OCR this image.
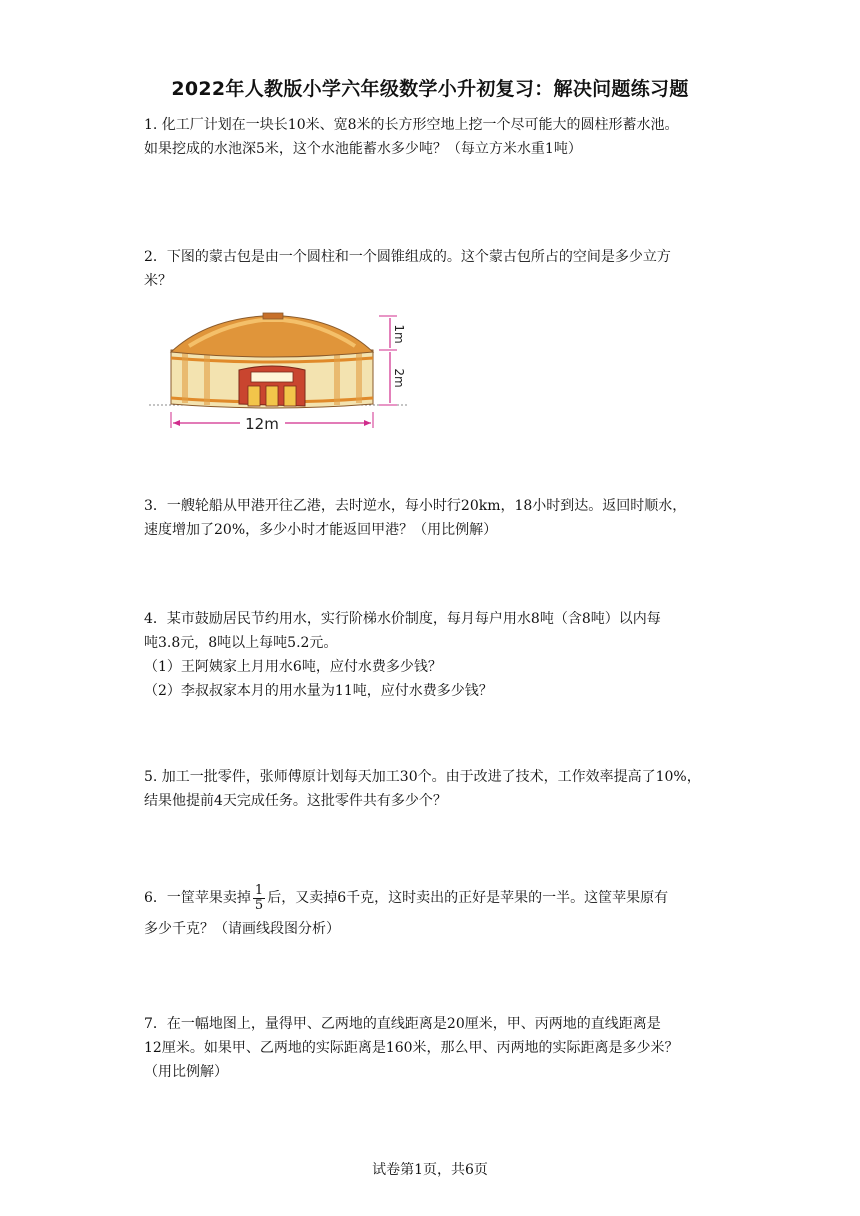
2022年人教版小学六年级数学小升初复习：解决问题练习题

1. 化工厂计划在一块长10米、宽8米的长方形空地上挖一个尽可能大的圆柱形蓄水池。

如果挖成的水池深5米，这个水池能蓄水多少吨？（每立方米水重1吨）

2．下图的蒙古包是由一个圆柱和一个圆锥组成的。这个蒙古包所占的空间是多少立方

米？

12m
1m
2m

3．一艘轮船从甲港开往乙港，去时逆水，每小时行20km，18小时到达。返回时顺水，

速度增加了20%，多少小时才能返回甲港？（用比例解）

4．某市鼓励居民节约用水，实行阶梯水价制度，每月每户用水8吨（含8吨）以内每

吨3.8元，8吨以上每吨5.2元。

（1）王阿姨家上月用水6吨，应付水费多少钱？

（2）李叔叔家本月的用水量为11吨，应付水费多少钱？

5. 加工一批零件，张师傅原计划每天加工30个。由于改进了技术，工作效率提高了10%，

结果他提前4天完成任务。这批零件共有多少个？

6．一筐苹果卖掉 $\frac{1}{5}$ 后，又卖掉6千克，这时卖出的正好是苹果的一半。这筐苹果原有

多少千克？（请画线段图分析）

7．在一幅地图上，量得甲、乙两地的直线距离是20厘米，甲、丙两地的直线距离是

12厘米。如果甲、乙两地的实际距离是160米，那么甲、丙两地的实际距离是多少米？

（用比例解）

试卷第1页，共6页
